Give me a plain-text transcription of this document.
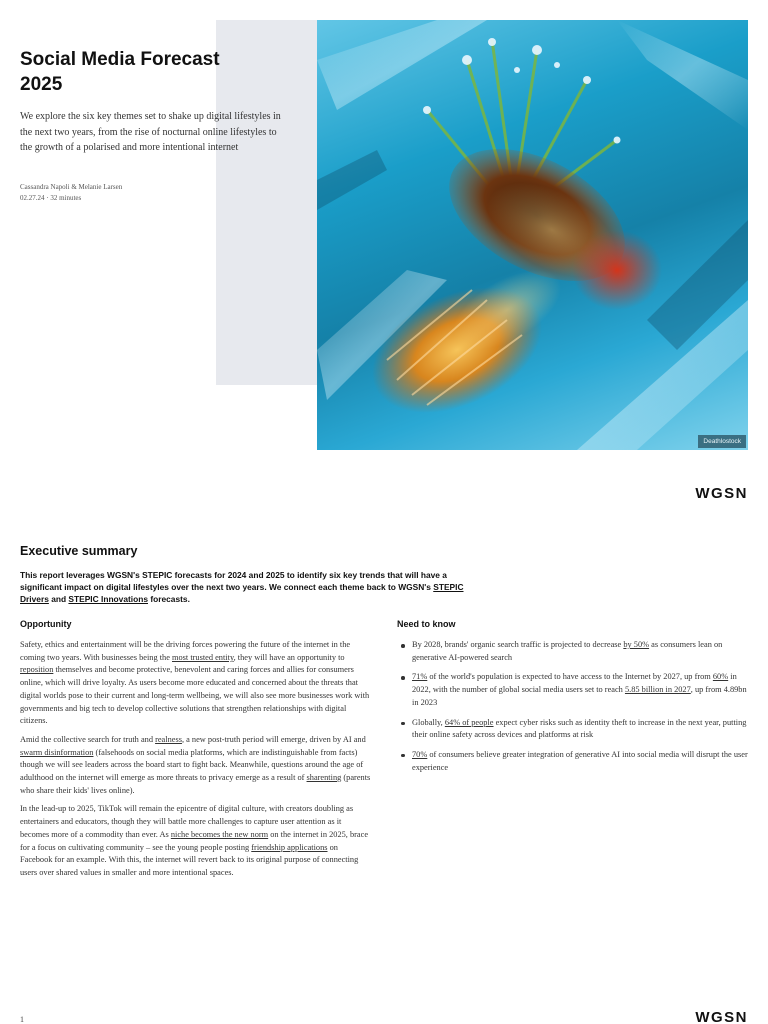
Deathlostock
Social Media Forecast 2025

We explore the six key themes set to shake up digital lifestyles in the next two years, from the rise of nocturnal online lifestyles to the growth of a polarised and more intentional internet

Cassandra Napoli & Melanie Larsen
02.27.24 · 32 minutes
WGSN
Executive summary

This report leverages WGSN's STEPIC forecasts for 2024 and 2025 to identify six key trends that will have a significant impact on digital lifestyles over the next two years. We connect each theme back to WGSN's STEPIC Drivers and STEPIC Innovations forecasts.

Opportunity

Safety, ethics and entertainment will be the driving forces powering the future of the internet in the coming two years. With businesses being the most trusted entity, they will have an opportunity to reposition themselves and become protective, benevolent and caring forces and allies for consumers online, which will drive loyalty. As users become more educated and concerned about the threats that digital worlds pose to their current and long-term wellbeing, we will also see more businesses work with governments and big tech to develop collective solutions that strengthen relationships with digital citizens.

Amid the collective search for truth and realness, a new post-truth period will emerge, driven by AI and swarm disinformation (falsehoods on social media platforms, which are indistinguishable from facts) though we will see leaders across the board start to fight back. Meanwhile, questions around the age of adulthood on the internet will emerge as more threats to privacy emerge as a result of sharenting (parents who share their kids' lives online).

In the lead-up to 2025, TikTok will remain the epicentre of digital culture, with creators doubling as entertainers and educators, though they will battle more challenges to capture user attention as it becomes more of a commodity than ever. As niche becomes the new norm on the internet in 2025, brace for a focus on cultivating community – see the young people posting friendship applications on Facebook for an example. With this, the internet will revert back to its original purpose of connecting users over shared values in smaller and more intentional spaces.

Need to know
By 2028, brands' organic search traffic is projected to decrease by 50% as consumers lean on generative AI-powered search
71% of the world's population is expected to have access to the Internet by 2027, up from 60% in 2022, with the number of global social media users set to reach 5.85 billion in 2027, up from 4.89bn in 2023
Globally, 64% of people expect cyber risks such as identity theft to increase in the next year, putting their online safety across devices and platforms at risk
70% of consumers believe greater integration of generative AI into social media will disrupt the user experience
1	WGSN
